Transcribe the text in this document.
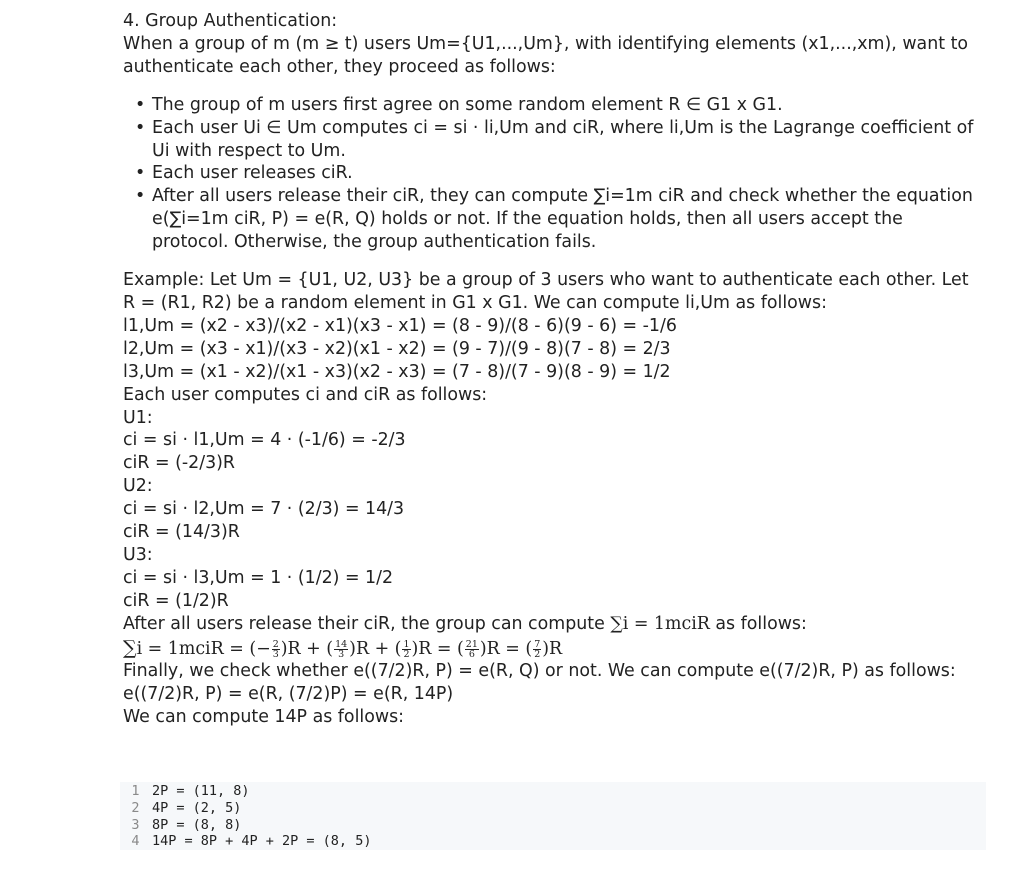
4. Group Authentication:

When a group of m (m ≥ t) users Um={U1,...,Um}, with identifying elements (x1,...,xm), want to authenticate each other, they proceed as follows:

• The group of m users first agree on some random element R ∈ G1 x G1.
• Each user Ui ∈ Um computes ci = si · li,Um and ciR, where li,Um is the Lagrange coefficient of Ui with respect to Um.
• Each user releases ciR.
• After all users release their ciR, they can compute ∑i=1m ciR and check whether the equation e(∑i=1m ciR, P) = e(R, Q) holds or not. If the equation holds, then all users accept the protocol. Otherwise, the group authentication fails.

Example: Let Um = {U1, U2, U3} be a group of 3 users who want to authenticate each other. Let R = (R1, R2) be a random element in G1 x G1. We can compute li,Um as follows:

l1,Um = (x2 - x3)/(x2 - x1)(x3 - x1) = (8 - 9)/(8 - 6)(9 - 6) = -1/6

l2,Um = (x3 - x1)/(x3 - x2)(x1 - x2) = (9 - 7)/(9 - 8)(7 - 8) = 2/3

l3,Um = (x1 - x2)/(x1 - x3)(x2 - x3) = (7 - 8)/(7 - 9)(8 - 9) = 1/2

Each user computes ci and ciR as follows:

U1:

ci = si · l1,Um = 4 · (-1/6) = -2/3

ciR = (-2/3)R

U2:

ci = si · l2,Um = 7 · (2/3) = 14/3

ciR = (14/3)R

U3:

ci = si · l3,Um = 1 · (1/2) = 1/2

ciR = (1/2)R

After all users release their ciR, the group can compute ∑i = 1mciR as follows:

∑i = 1mciR = (− $\frac{2}{3} )R$ + ( $\frac{14}{3} )R$ + ( $\frac{1}{2} )R$ = ( $\frac{21}{6} )R$ = ( $\frac{7}{2} )R$

Finally, we check whether e((7/2)R, P) = e(R, Q) or not. We can compute e((7/2)R, P) as follows:

e((7/2)R, P) = e(R, (7/2)P) = e(R, 14P)

We can compute 14P as follows:

1 2P = (11, 8)
2 4P = (2, 5)
3 8P = (8, 8)
4 14P = 8P + 4P + 2P = (8, 5)
